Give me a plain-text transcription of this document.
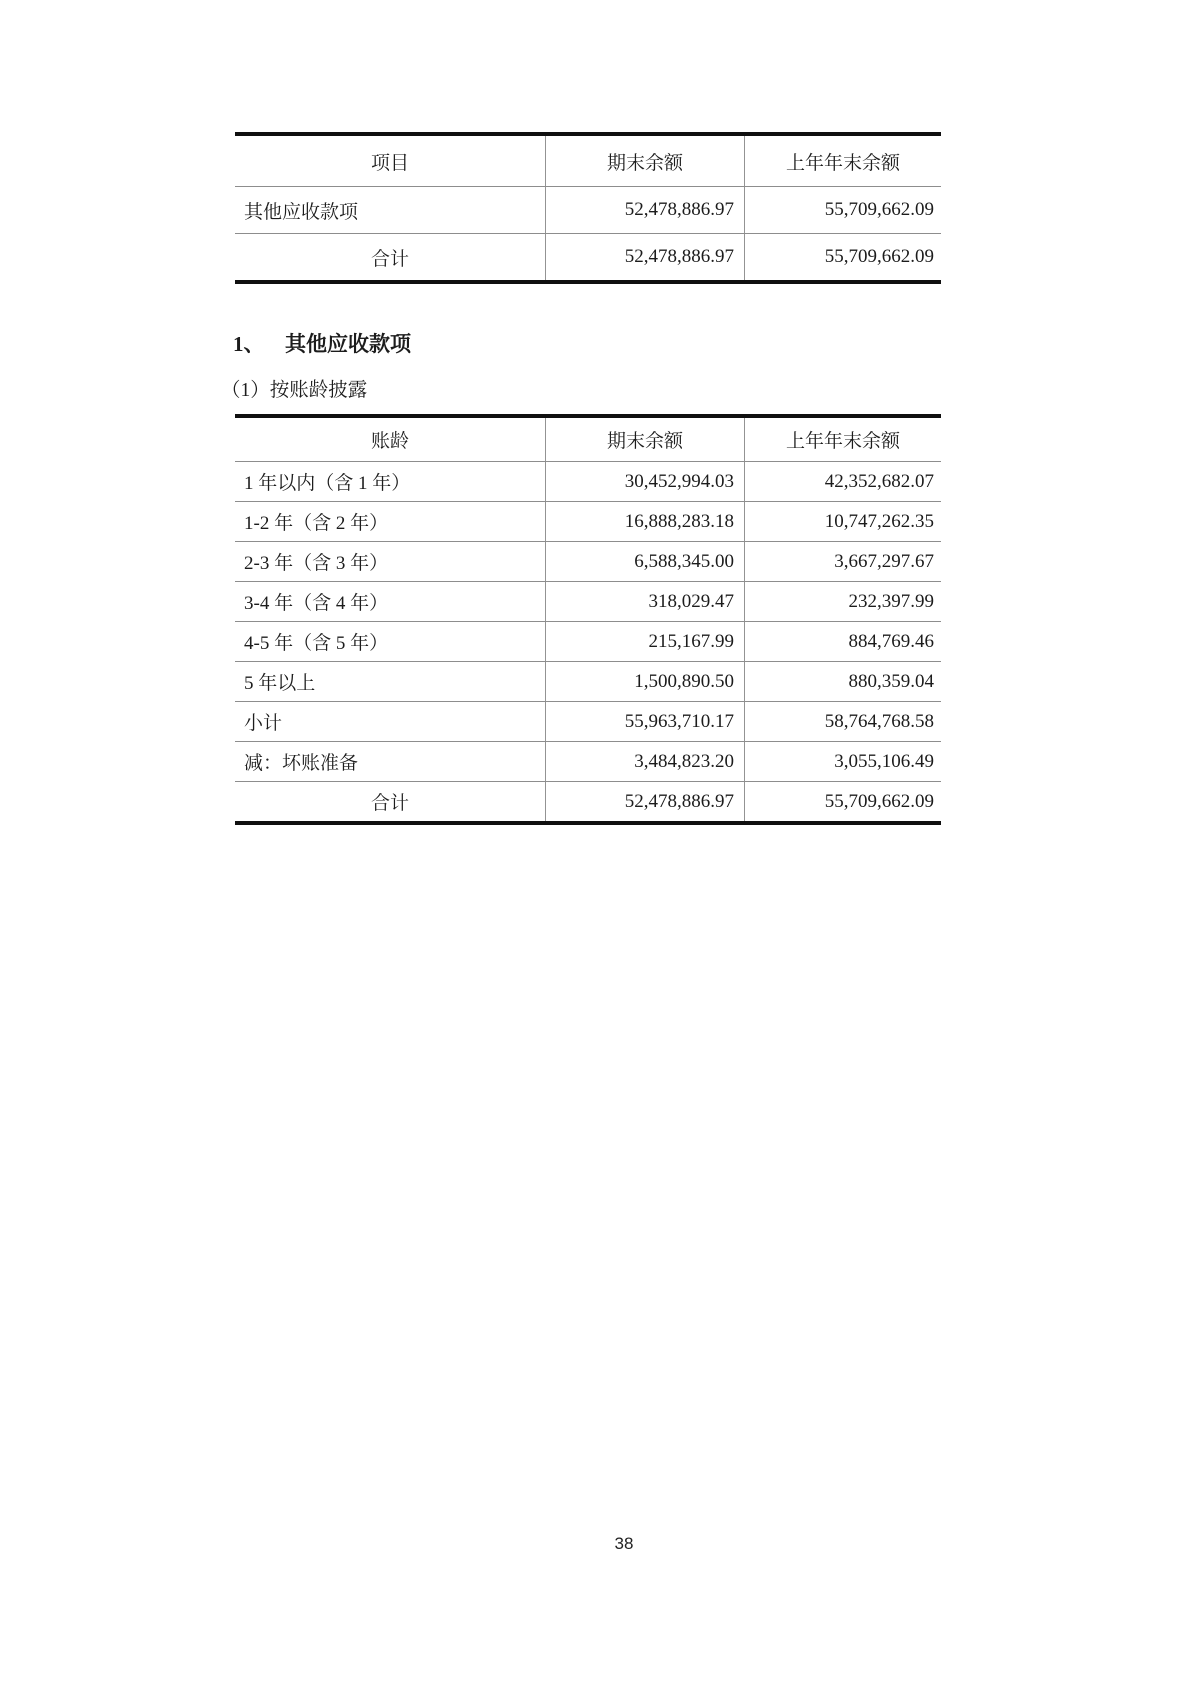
项目	期末余额	上年年末余额
其他应收款项	52,478,886.97	55,709,662.09
合计	52,478,886.97	55,709,662.09
1、 其他应收款项
（1）按账龄披露
账龄	期末余额	上年年末余额
1 年以内（含 1 年）	30,452,994.03	42,352,682.07
1-2 年（含 2 年）	16,888,283.18	10,747,262.35
2-3 年（含 3 年）	6,588,345.00	3,667,297.67
3-4 年（含 4 年）	318,029.47	232,397.99
4-5 年（含 5 年）	215,167.99	884,769.46
5 年以上	1,500,890.50	880,359.04
小计	55,963,710.17	58,764,768.58
减：坏账准备	3,484,823.20	3,055,106.49
合计	52,478,886.97	55,709,662.09
38
